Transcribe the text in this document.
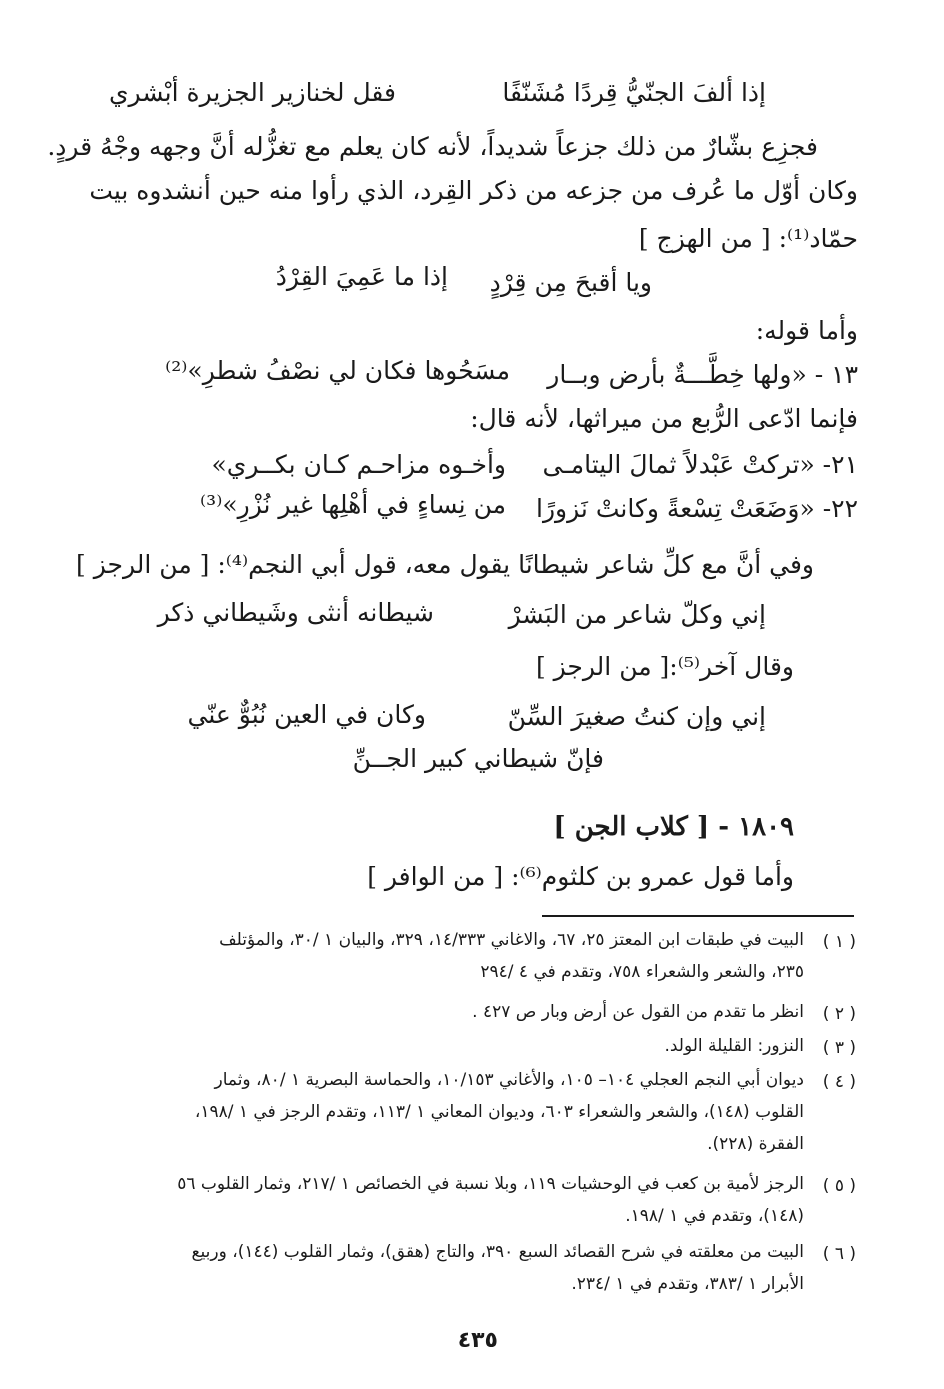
إذا ألفَ الجنّيُّ قِردًا مُشَنّفًا
فقل لخنازير الجزيرة أبْشري
فجزِع بشّارٌ من ذلك جزعاً شديداً، لأنه كان يعلم مع تغزُّله أنَّ وجهه وجْهُ قردٍ.
وكان أوّل ما عُرف من جزعه من ذكر القِرد، الذي رأوا منه حين أنشدوه بيت
حمّاد⁽¹⁾: [ من الهزج ]
ويا أقبحَ مِن قِرْدٍ
إذا ما عَمِيَ القِرْدُ
وأما قوله:
١٣ - «ولها خِطَّـــةٌ بأرض وبــار
مسَحُوها فكان لي نصْفُ شطرِ»⁽²⁾
فإنما ادّعى الرُّبع من ميراثها، لأنه قال:
٢١- «تركتْ عَبْدلاً ثمالَ اليتامـى
وأخـوه مزاحـم كـان بكــري»
٢٢- «وَضَعَتْ تِسْعةً وكانتْ نَزورًا
من نِساءٍ في أهْلِها غير نُزْرِ»⁽³⁾
وفي أنَّ مع كلِّ شاعر شيطانًا يقول معه، قول أبي النجم⁽⁴⁾: [ من الرجز ]
إني وكلّ شاعر من البَشرْ
شيطانه أنثى وشَيطاني ذكر
وقال آخر⁽⁵⁾:[ من الرجز ]
إني وإن كنتُ صغيرَ السِّنّ
وكان في العين نُبُوٌّ عنّي
فإنّ شيطاني كبير الجــنِّ
١٨٠٩ - [ كلاب الجن ]
وأما قول عمرو بن كلثوم⁽⁶⁾: [ من الوافر ]
( ١ )
البيت في طبقات ابن المعتز ٢٥، ٦٧، والاغاني ١٤/٣٣٣، ٣٢٩، والبيان ١ /٣٠، والمؤتلف
٢٣٥، والشعر والشعراء ٧٥٨، وتقدم في ٤ /٢٩٤
( ٢ )
انظر ما تقدم من القول عن أرض وبار ص ٤٢٧ .
( ٣ )
النزور: القليلة الولد.
( ٤ )
ديوان أبي النجم العجلي ١٠٤– ١٠٥، والأغاني ١٠/١٥٣، والحماسة البصرية ١ /٨٠، وثمار
القلوب (١٤٨)، والشعر والشعراء ٦٠٣، وديوان المعاني ١ /١١٣، وتقدم الرجز في ١ /١٩٨،
الفقرة (٢٢٨).
( ٥ )
الرجز لأمية بن كعب في الوحشيات ١١٩، وبلا نسبة في الخصائص ١ /٢١٧، وثمار القلوب ٥٦
(١٤٨)، وتقدم في ١ /١٩٨.
( ٦ )
البيت من معلقته في شرح القصائد السبع ٣٩٠، والتاج (هقق)، وثمار القلوب (١٤٤)، وربيع
الأبرار ١ /٣٨٣، وتقدم في ١ /٢٣٤.
٤٣٥
